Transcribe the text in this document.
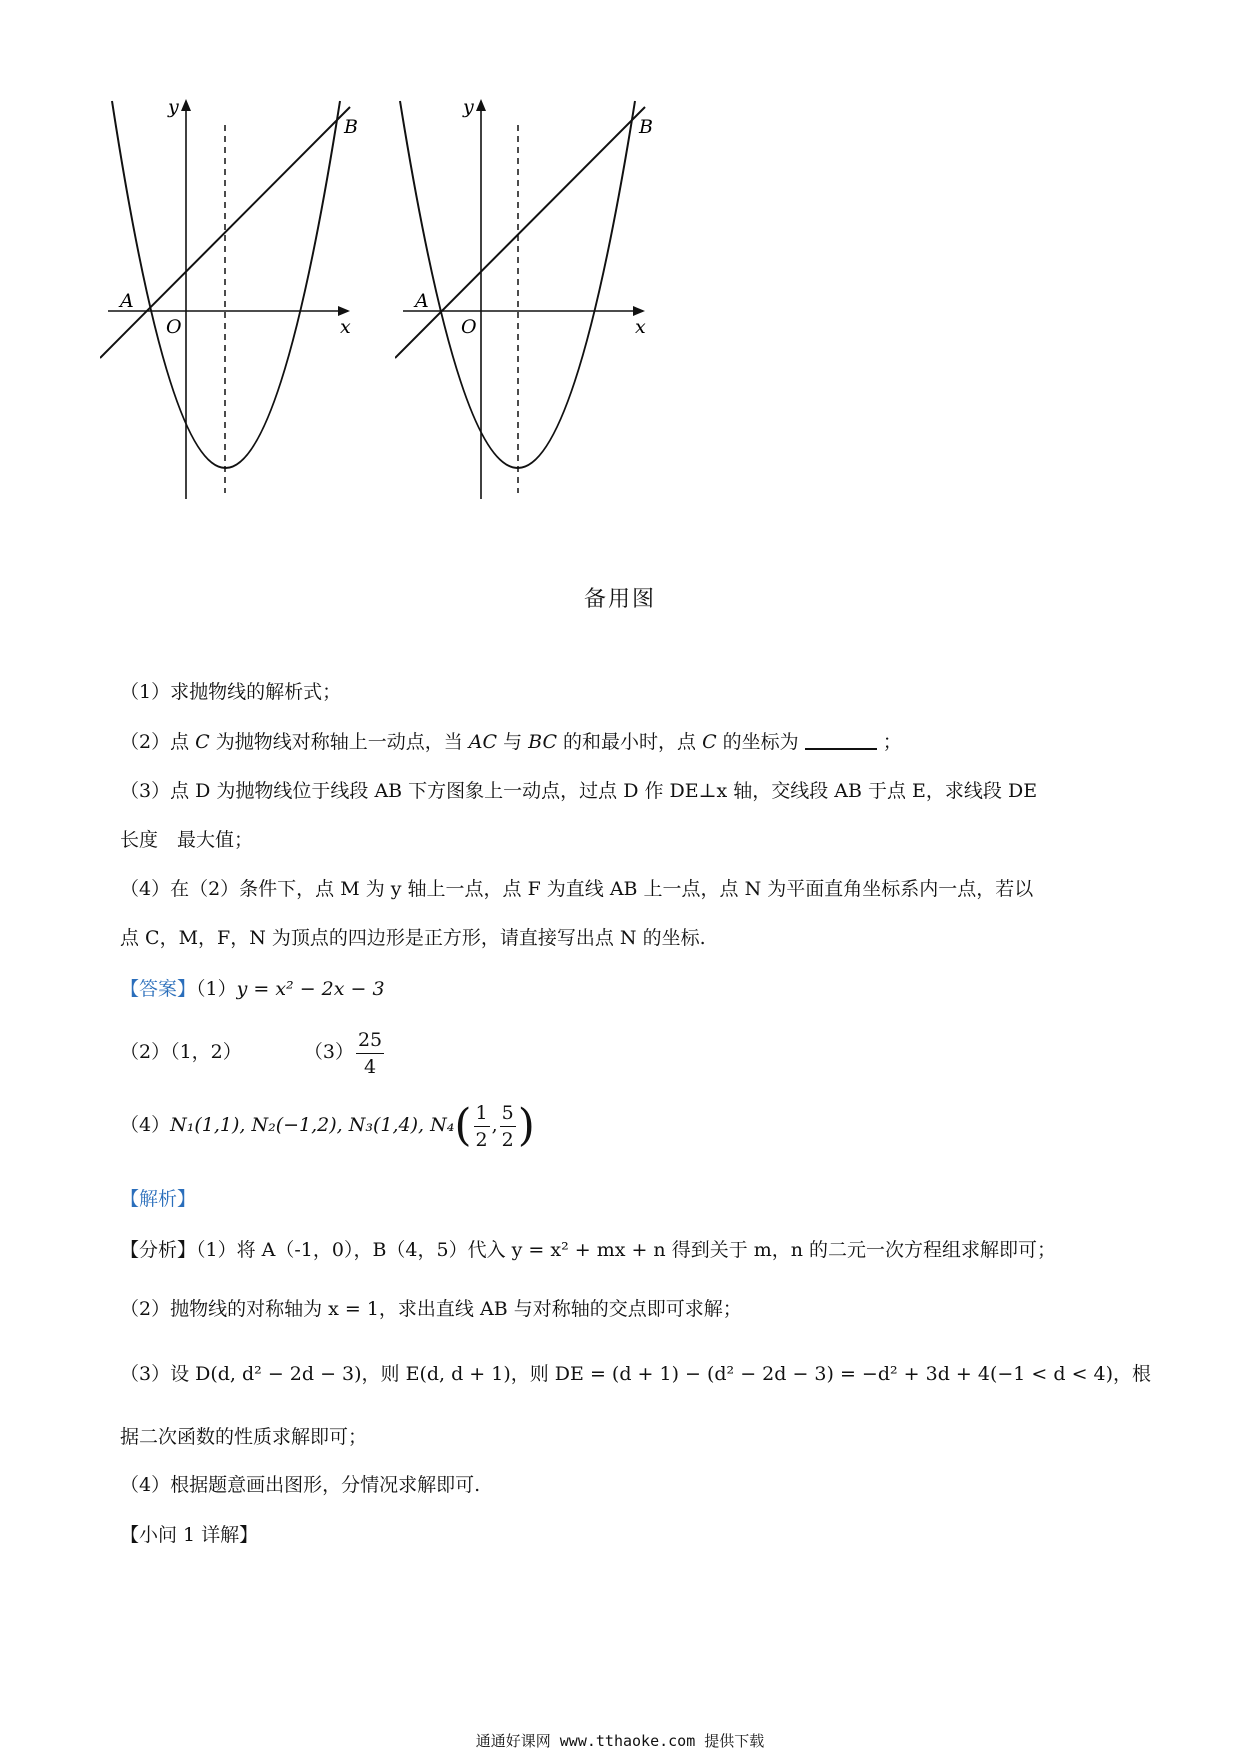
y
B
A
O	x
y
B
A
O	x
备用图
（1）求抛物线的解析式；
（2）点 C 为抛物线对称轴上一动点，当 AC 与 BC 的和最小时，点 C 的坐标为	；
（3）点 D 为抛物线位于线段 AB 下方图象上一动点，过点 D 作 DE⊥x 轴，交线段 AB 于点 E，求线段 DE
长度　最大值；
（4）在（2）条件下，点 M 为 y 轴上一点，点 F 为直线 AB 上一点，点 N 为平面直角坐标系内一点，若以
点 C，M，F，N 为顶点的四边形是正方形，请直接写出点 N 的坐标.
【答案】（1）y = x² − 2x − 3
（2）（1，2）	$(3) \frac{25}{4}$
（4）N₁(1,1), N₂(−1,2), N₃(1,4), $N_4( \frac{1}{2}$ , $\frac{5}{2}$ )
【解析】
【分析】（1）将 A（-1，0），B（4，5）代入 y = x² + mx + n 得到关于 m，n 的二元一次方程组求解即可；
（2）抛物线的对称轴为 x = 1，求出直线 AB 与对称轴的交点即可求解；
（3）设 D(d, d² − 2d − 3)，则 E(d, d + 1)，则 DE = (d + 1) − (d² − 2d − 3) = −d² + 3d + 4(−1 < d < 4)，根
据二次函数的性质求解即可；
（4）根据题意画出图形，分情况求解即可.
【小问 1 详解】
通通好课网 www.tthaoke.com 提供下载
